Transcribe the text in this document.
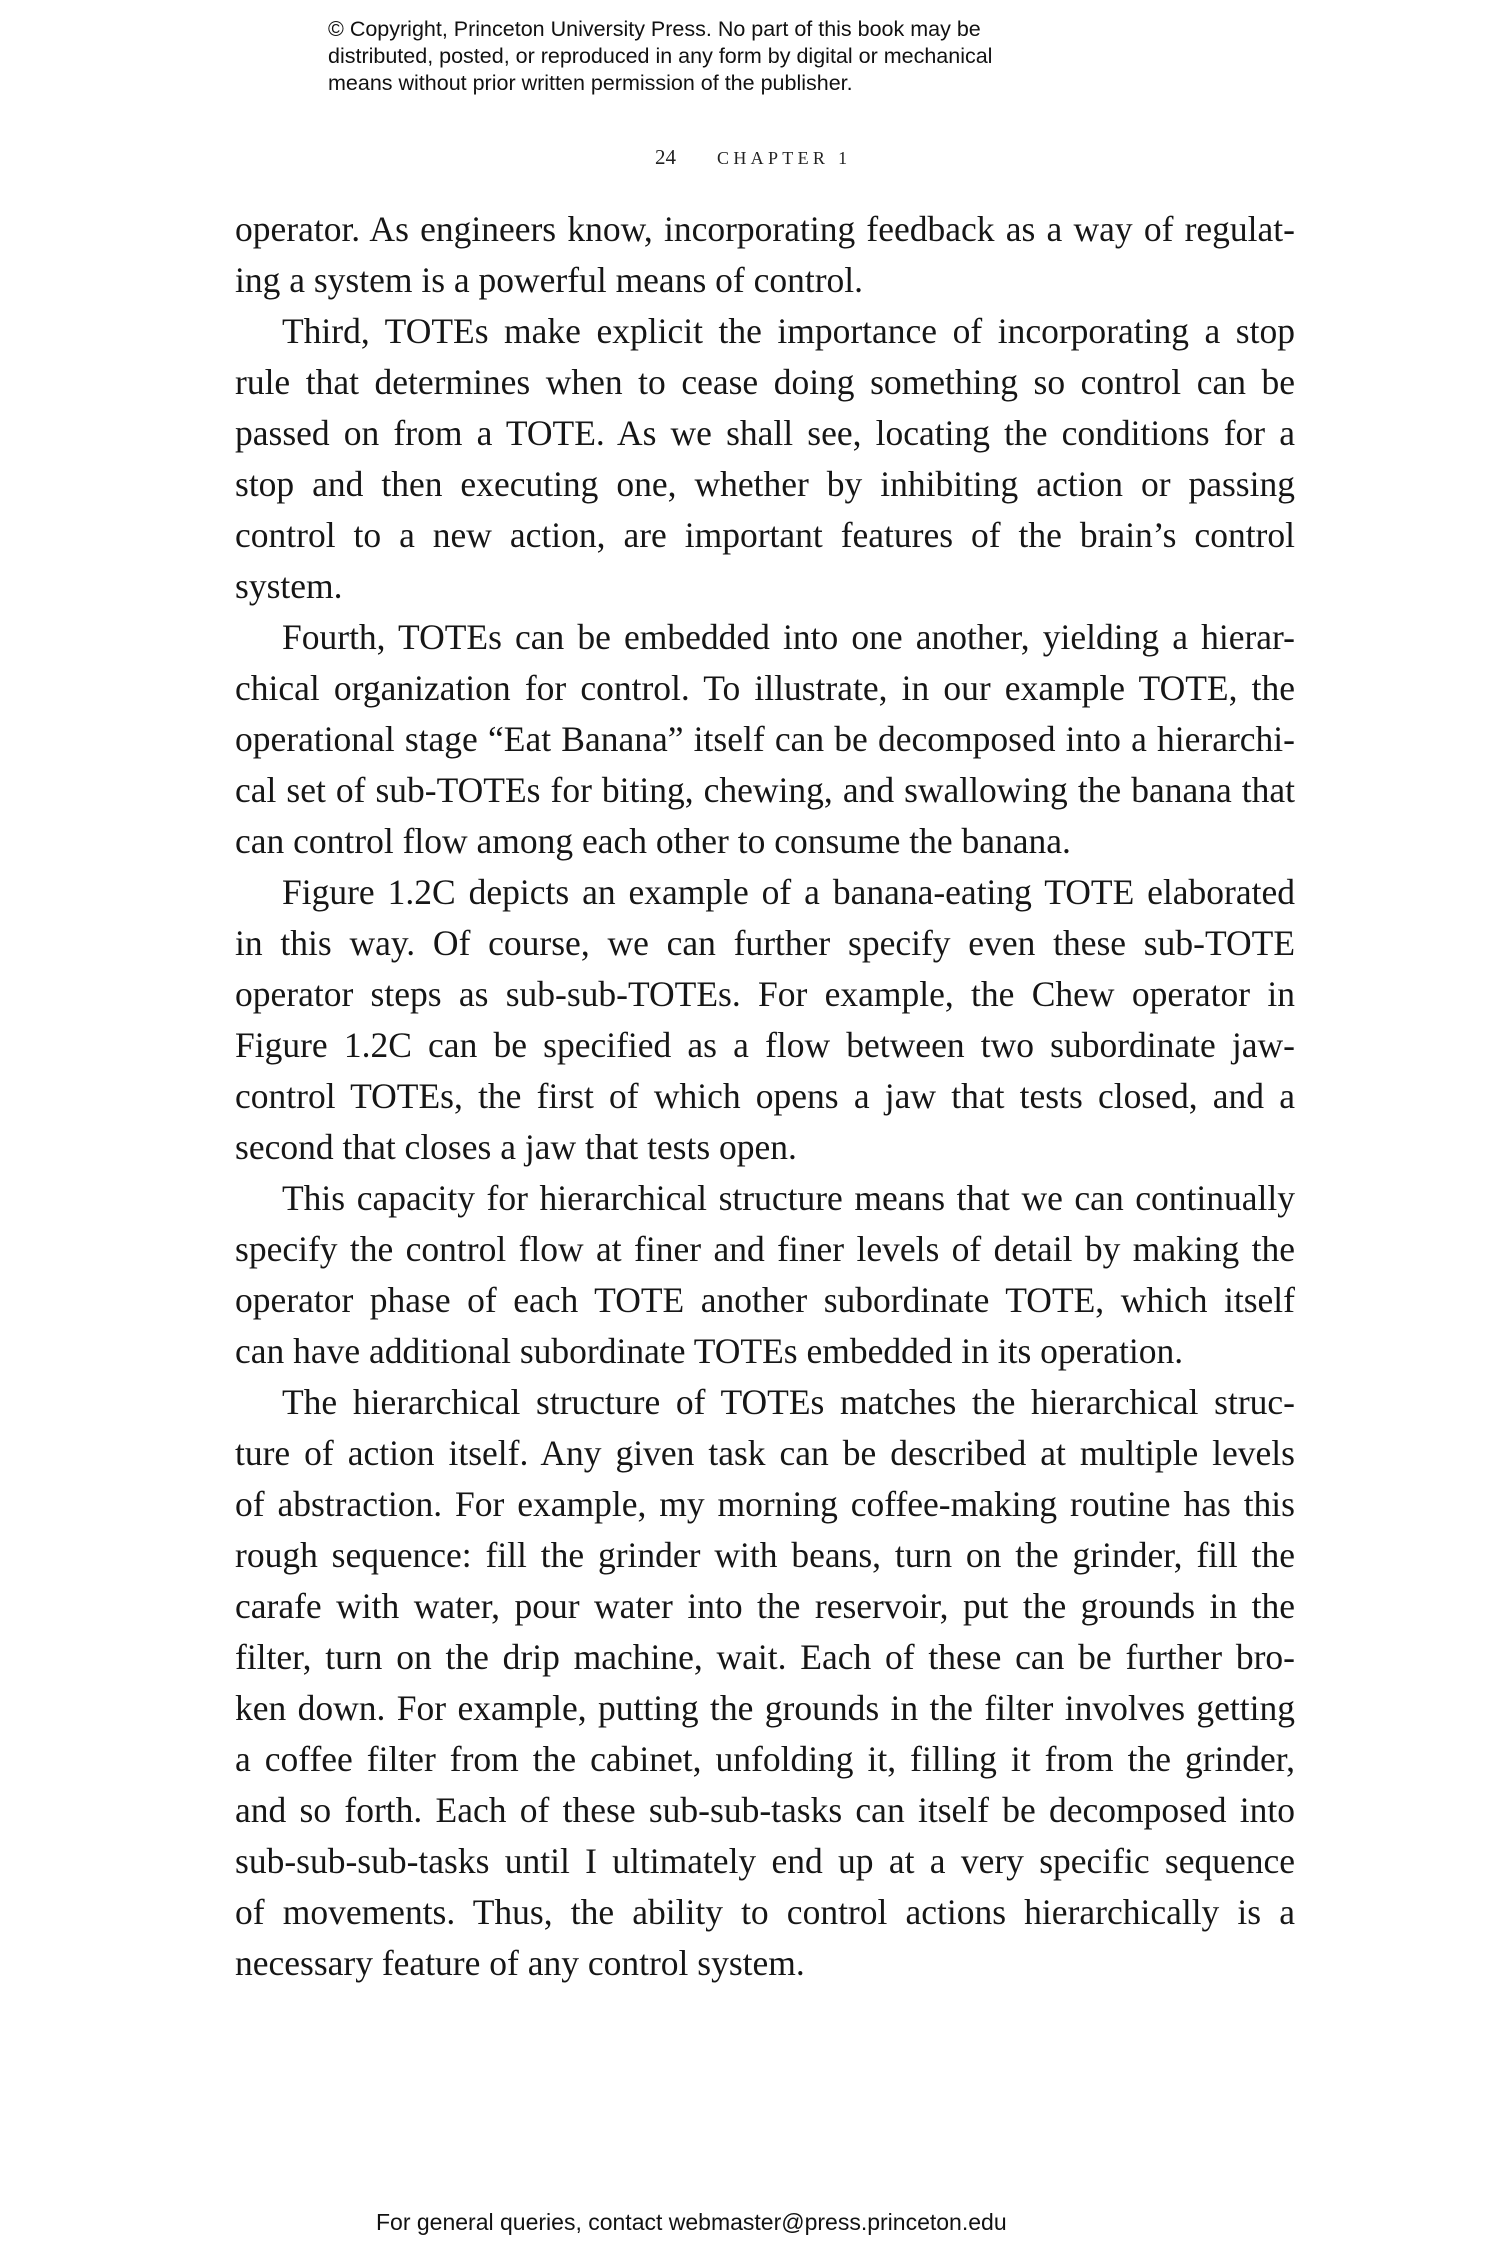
© Copyright, Princeton University Press. No part of this book may be
distributed, posted, or reproduced in any form by digital or mechanical
means without prior written permission of the publisher.
24 CHAPTER 1
operator. As engineers know, incorporating feedback as a way of regulat-
ing a system is a powerful means of control.
Third, TOTEs make explicit the importance of incorporating a stop
rule that determines when to cease doing something so control can be
passed on from a TOTE. As we shall see, locating the conditions for a
stop and then executing one, whether by inhibiting action or passing
control to a new action, are important features of the brain’s control
system.
Fourth, TOTEs can be embedded into one another, yielding a hierar-
chical organization for control. To illustrate, in our example TOTE, the
operational stage “Eat Banana” itself can be decomposed into a hierarchi-
cal set of sub-TOTEs for biting, chewing, and swallowing the banana that
can control flow among each other to consume the banana.
Figure 1.2C depicts an example of a banana-eating TOTE elaborated
in this way. Of course, we can further specify even these sub-TOTE
operator steps as sub-sub-TOTEs. For example, the Chew operator in
Figure 1.2C can be specified as a flow between two subordinate jaw-
control TOTEs, the first of which opens a jaw that tests closed, and a
second that closes a jaw that tests open.
This capacity for hierarchical structure means that we can continually
specify the control flow at finer and finer levels of detail by making the
operator phase of each TOTE another subordinate TOTE, which itself
can have additional subordinate TOTEs embedded in its operation.
The hierarchical structure of TOTEs matches the hierarchical struc-
ture of action itself. Any given task can be described at multiple levels
of abstraction. For example, my morning coffee-making routine has this
rough sequence: fill the grinder with beans, turn on the grinder, fill the
carafe with water, pour water into the reservoir, put the grounds in the
filter, turn on the drip machine, wait. Each of these can be further bro-
ken down. For example, putting the grounds in the filter involves getting
a coffee filter from the cabinet, unfolding it, filling it from the grinder,
and so forth. Each of these sub-sub-tasks can itself be decomposed into
sub-sub-sub-tasks until I ultimately end up at a very specific sequence
of movements. Thus, the ability to control actions hierarchically is a
necessary feature of any control system.
For general queries, contact webmaster@press.princeton.edu
